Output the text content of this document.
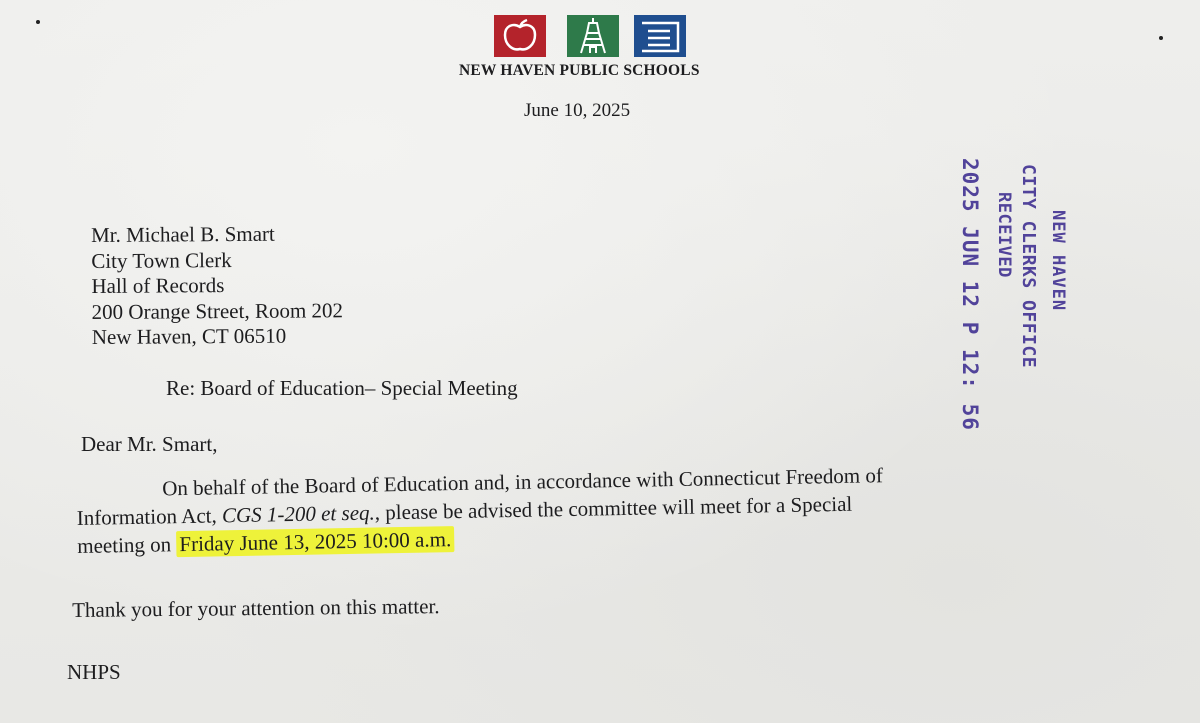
NEW HAVEN PUBLIC SCHOOLS
June 10, 2025
Mr. Michael B. Smart
City Town Clerk
Hall of Records
200 Orange Street, Room 202
New Haven, CT 06510
Re: Board of Education– Special Meeting
Dear Mr. Smart,
On behalf of the Board of Education and, in accordance with Connecticut Freedom of
Information Act, CGS 1-200 et seq., please be advised the committee will meet for a Special
meeting on Friday June 13, 2025 10:00 a.m.
Thank you for your attention on this matter.
NHPS
NEW HAVEN
CITY CLERKS OFFICE
RECEIVED
2025 JUN 12 P 12: 56
